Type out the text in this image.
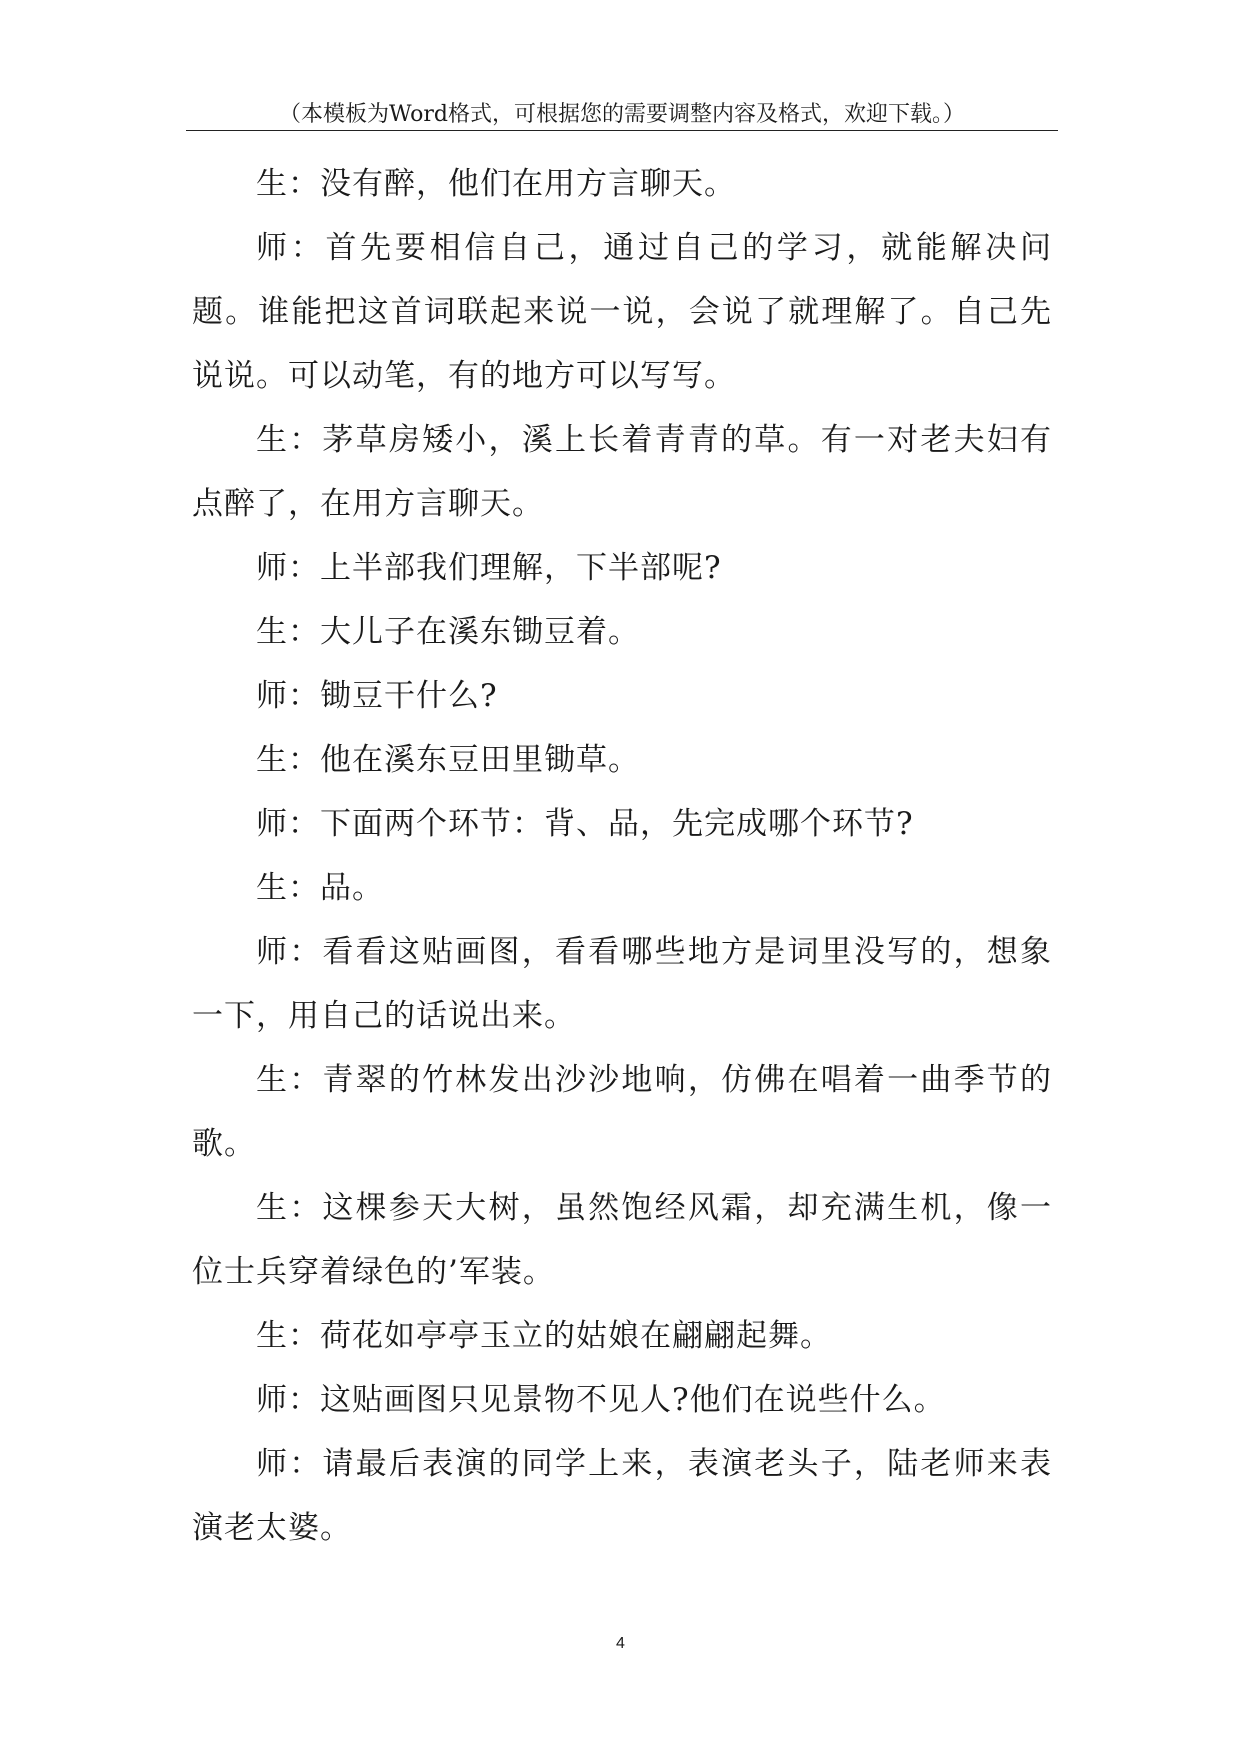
（本模板为Word格式，可根据您的需要调整内容及格式，欢迎下载。）

生：没有醉，他们在用方言聊天。

师：首先要相信自己，通过自己的学习，就能解决问题。谁能把这首词联起来说一说，会说了就理解了。自己先说说。可以动笔，有的地方可以写写。

生：茅草房矮小，溪上长着青青的草。有一对老夫妇有点醉了，在用方言聊天。

师：上半部我们理解，下半部呢?

生：大儿子在溪东锄豆着。

师：锄豆干什么?

生：他在溪东豆田里锄草。

师：下面两个环节：背、品，先完成哪个环节?

生：品。

师：看看这贴画图，看看哪些地方是词里没写的，想象一下，用自己的话说出来。

生：青翠的竹林发出沙沙地响，仿佛在唱着一曲季节的歌。

生：这棵参天大树，虽然饱经风霜，却充满生机，像一位士兵穿着绿色的’军装。

生：荷花如亭亭玉立的姑娘在翩翩起舞。

师：这贴画图只见景物不见人?他们在说些什么。

师：请最后表演的同学上来，表演老头子，陆老师来表演老太婆。

4
